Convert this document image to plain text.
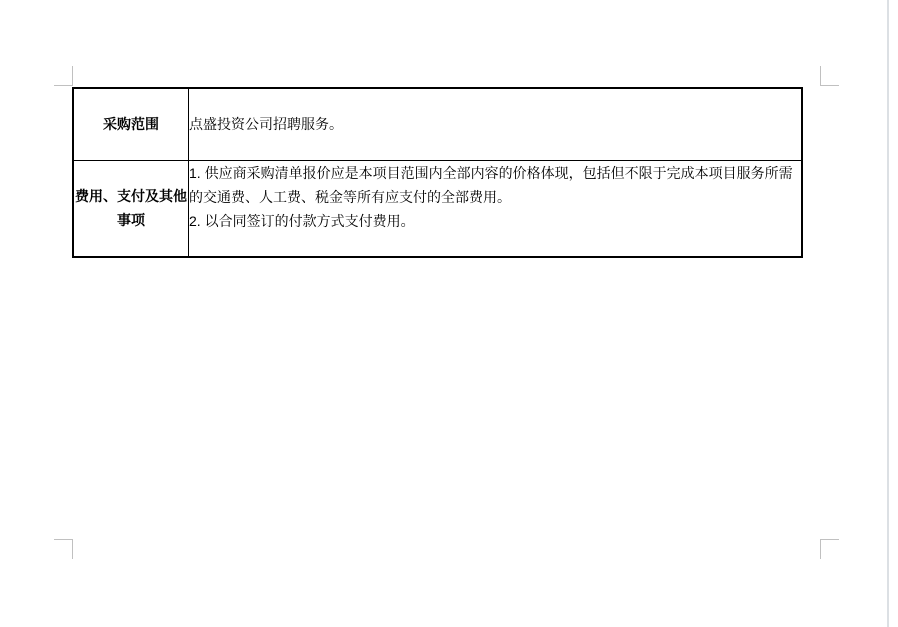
采购范围	点盛投资公司招聘服务。
费用、支付及其他事项	1. 供应商采购清单报价应是本项目范围内全部内容的价格体现，包括但不限于完成本项目服务所需的交通费、人工费、税金等所有应支付的全部费用。
2. 以合同签订的付款方式支付费用。
